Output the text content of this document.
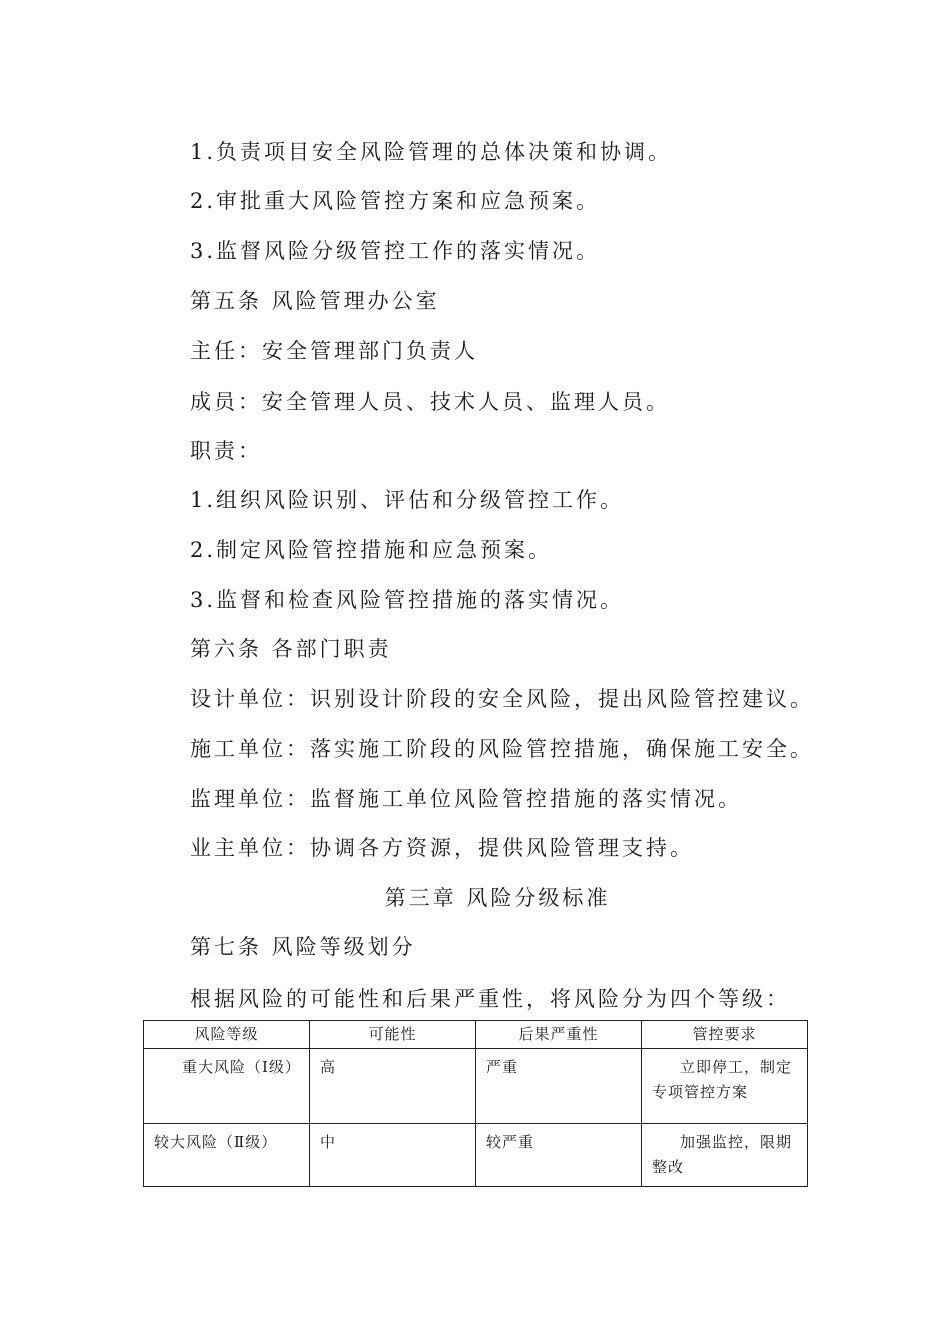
1.负责项目安全风险管理的总体决策和协调。
2.审批重大风险管控方案和应急预案。
3.监督风险分级管控工作的落实情况。
第五条 风险管理办公室
主任：安全管理部门负责人
成员：安全管理人员、技术人员、监理人员。
职责：
1.组织风险识别、评估和分级管控工作。
2.制定风险管控措施和应急预案。
3.监督和检查风险管控措施的落实情况。
第六条 各部门职责
设计单位：识别设计阶段的安全风险，提出风险管控建议。
施工单位：落实施工阶段的风险管控措施，确保施工安全。
监理单位：监督施工单位风险管控措施的落实情况。
业主单位：协调各方资源，提供风险管理支持。
第三章 风险分级标准
第七条 风险等级划分
根据风险的可能性和后果严重性，将风险分为四个等级：
风险等级	可能性	后果严重性	管控要求
重大风险（Ⅰ级）	高	严重	立即停工，制定专项管控方案
较大风险（Ⅱ级）	中	较严重	加强监控，限期整改
